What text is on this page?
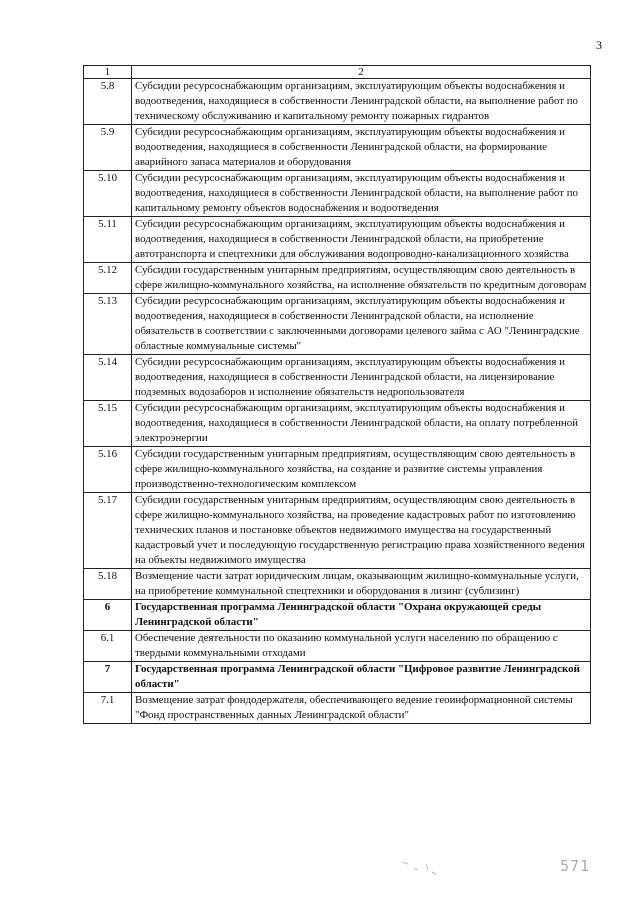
3
1	2
5.8	Субсидии ресурсоснабжающим организациям, эксплуатирующим объекты водоснабжения и водоотведения, находящиеся в собственности Ленинградской области, на выполнение работ по техническому обслуживанию и капитальному ремонту пожарных гидрантов
5.9	Субсидии ресурсоснабжающим организациям, эксплуатирующим объекты водоснабжения и водоотведения, находящиеся в собственности Ленинградской области, на формирование аварийного запаса материалов и оборудования
5.10	Субсидии ресурсоснабжающим организациям, эксплуатирующим объекты водоснабжения и водоотведения, находящиеся в собственности Ленинградской области, на выполнение работ по капитальному ремонту объектов водоснабжения и водоотведения
5.11	Субсидии ресурсоснабжающим организациям, эксплуатирующим объекты водоснабжения и водоотведения, находящиеся в собственности Ленинградской области, на приобретение автотранспорта и спецтехники для обслуживания водопроводно-канализационного хозяйства
5.12	Субсидии государственным унитарным предприятиям, осуществляющим свою деятельность в сфере жилищно-коммунального хозяйства, на исполнение обязательств по кредитным договорам
5.13	Субсидии ресурсоснабжающим организациям, эксплуатирующим объекты водоснабжения и водоотведения, находящиеся в собственности Ленинградской области, на исполнение обязательств в соответствии с заключенными договорами целевого займа с АО "Ленинградские областные коммунальные системы"
5.14	Субсидии ресурсоснабжающим организациям, эксплуатирующим объекты водоснабжения и водоотведения, находящиеся в собственности Ленинградской области, на лицензирование подземных водозаборов и исполнение обязательств недропользователя
5.15	Субсидии ресурсоснабжающим организациям, эксплуатирующим объекты водоснабжения и водоотведения, находящиеся в собственности Ленинградской области, на оплату потребленной электроэнергии
5.16	Субсидии государственным унитарным предприятиям, осуществляющим свою деятельность в сфере жилищно-коммунального хозяйства, на создание и развитие системы управления производственно-технологическим комплексом
5.17	Субсидии государственным унитарным предприятиям, осуществляющим свою деятельность в сфере жилищно-коммунального хозяйства, на проведение кадастровых работ по изготовлению технических планов и постановке объектов недвижимого имущества на государственный кадастровый учет и последующую государственную регистрацию права хозяйственного ведения на объекты недвижимого имущества
5.18	Возмещение части затрат юридическим лицам, оказывающим жилищно-коммунальные услуги, на приобретение коммунальной спецтехники и оборудования в лизинг (сублизинг)
6	Государственная программа Ленинградской области "Охрана окружающей среды Ленинградской области"
6.1	Обеспечение деятельности по оказанию коммунальной услуги населению по обращению с твердыми коммунальными отходами
7	Государственная программа Ленинградской области "Цифровое развитие Ленинградской области"
7.1	Возмещение затрат фондодержателя, обеспечивающего ведение геоинформационной системы "Фонд пространственных данных Ленинградской области"
571
